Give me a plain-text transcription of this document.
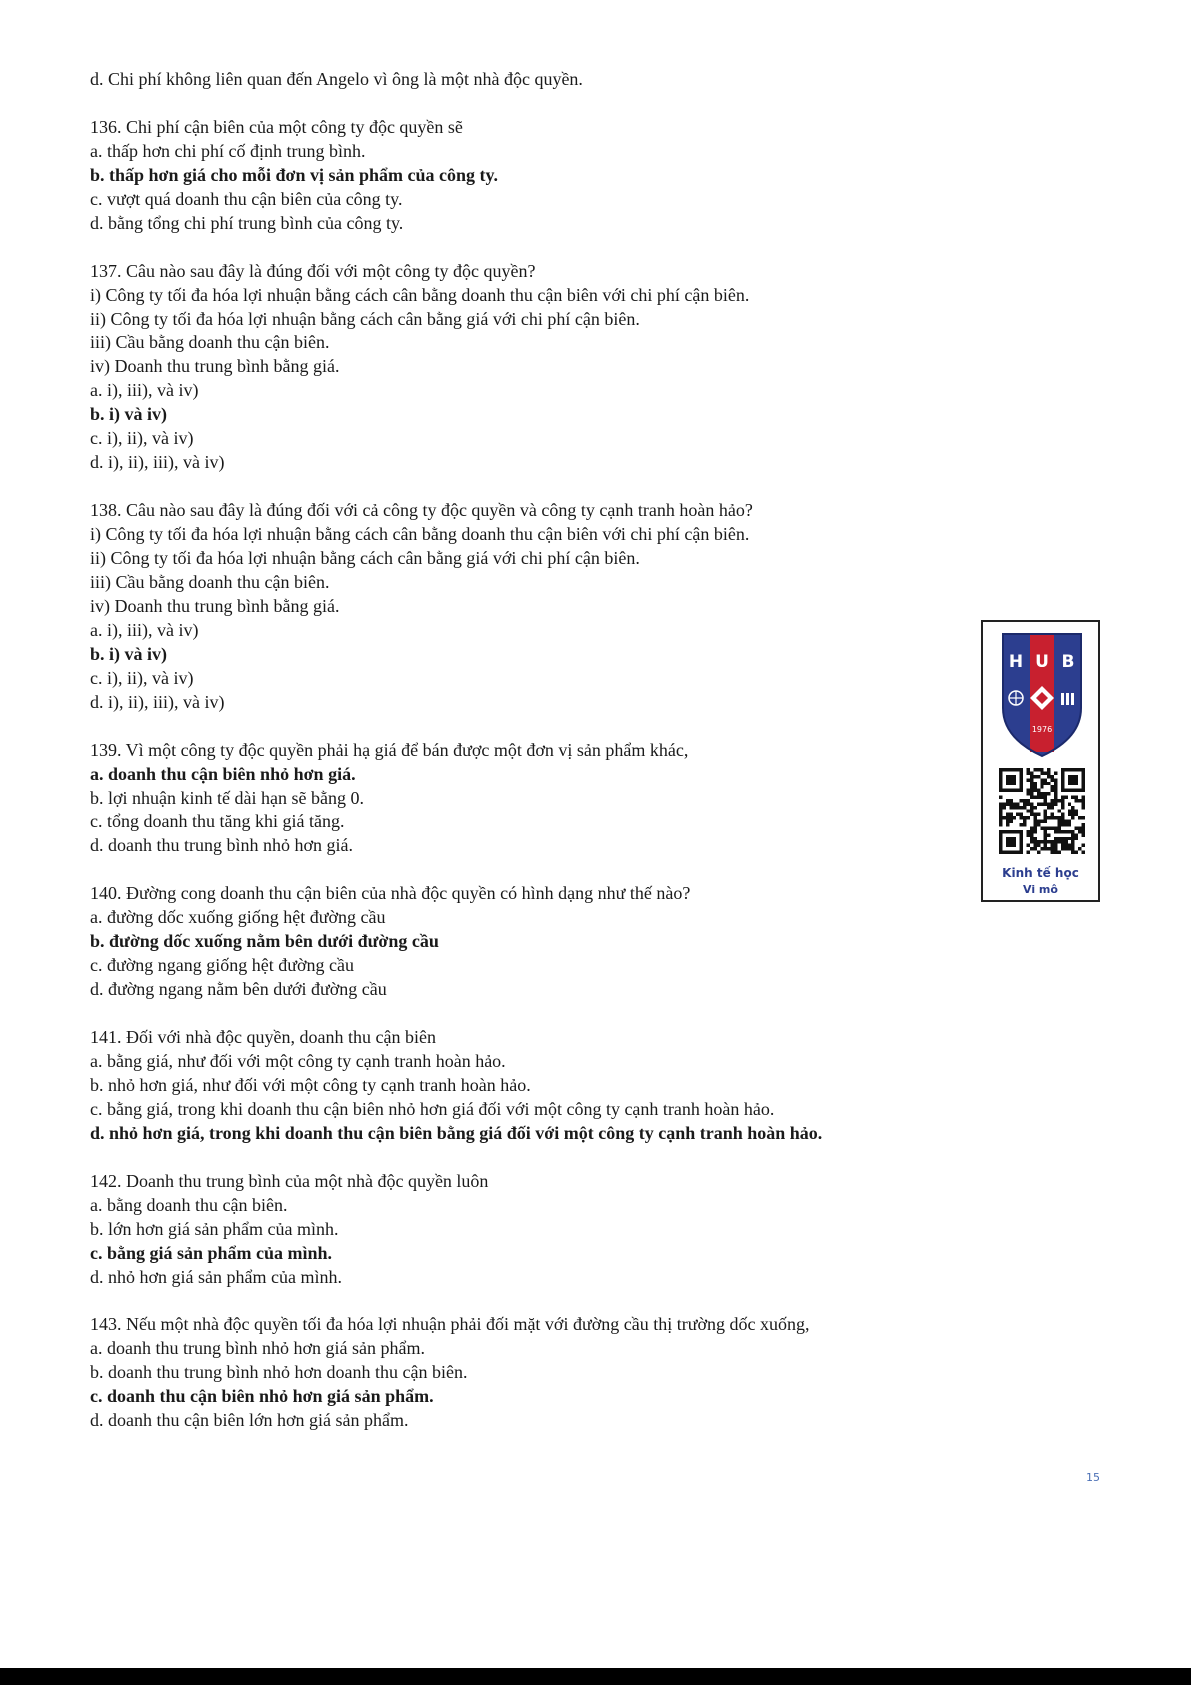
d. Chi phí không liên quan đến Angelo vì ông là một nhà độc quyền.
136. Chi phí cận biên của một công ty độc quyền sẽ
a. thấp hơn chi phí cố định trung bình.
b. thấp hơn giá cho mỗi đơn vị sản phẩm của công ty.
c. vượt quá doanh thu cận biên của công ty.
d. bằng tổng chi phí trung bình của công ty.
137. Câu nào sau đây là đúng đối với một công ty độc quyền?
i) Công ty tối đa hóa lợi nhuận bằng cách cân bằng doanh thu cận biên với chi phí cận biên.
ii) Công ty tối đa hóa lợi nhuận bằng cách cân bằng giá với chi phí cận biên.
iii) Cầu bằng doanh thu cận biên.
iv) Doanh thu trung bình bằng giá.
a. i), iii), và iv)
b. i) và iv)
c. i), ii), và iv)
d. i), ii), iii), và iv)
138. Câu nào sau đây là đúng đối với cả công ty độc quyền và công ty cạnh tranh hoàn hảo?
i) Công ty tối đa hóa lợi nhuận bằng cách cân bằng doanh thu cận biên với chi phí cận biên.
ii) Công ty tối đa hóa lợi nhuận bằng cách cân bằng giá với chi phí cận biên.
iii) Cầu bằng doanh thu cận biên.
iv) Doanh thu trung bình bằng giá.
a. i), iii), và iv)
b. i) và iv)
c. i), ii), và iv)
d. i), ii), iii), và iv)
139. Vì một công ty độc quyền phải hạ giá để bán được một đơn vị sản phẩm khác,
a. doanh thu cận biên nhỏ hơn giá.
b. lợi nhuận kinh tế dài hạn sẽ bằng 0.
c. tổng doanh thu tăng khi giá tăng.
d. doanh thu trung bình nhỏ hơn giá.
140. Đường cong doanh thu cận biên của nhà độc quyền có hình dạng như thế nào?
a. đường dốc xuống giống hệt đường cầu
b. đường dốc xuống nằm bên dưới đường cầu
c. đường ngang giống hệt đường cầu
d. đường ngang nằm bên dưới đường cầu
141. Đối với nhà độc quyền, doanh thu cận biên
a. bằng giá, như đối với một công ty cạnh tranh hoàn hảo.
b. nhỏ hơn giá, như đối với một công ty cạnh tranh hoàn hảo.
c. bằng giá, trong khi doanh thu cận biên nhỏ hơn giá đối với một công ty cạnh tranh hoàn hảo.
d. nhỏ hơn giá, trong khi doanh thu cận biên bằng giá đối với một công ty cạnh tranh hoàn hảo.
142. Doanh thu trung bình của một nhà độc quyền luôn
a. bằng doanh thu cận biên.
b. lớn hơn giá sản phẩm của mình.
c. bằng giá sản phẩm của mình.
d. nhỏ hơn giá sản phẩm của mình.
143. Nếu một nhà độc quyền tối đa hóa lợi nhuận phải đối mặt với đường cầu thị trường dốc xuống,
a. doanh thu trung bình nhỏ hơn giá sản phẩm.
b. doanh thu trung bình nhỏ hơn doanh thu cận biên.
c. doanh thu cận biên nhỏ hơn giá sản phẩm.
d. doanh thu cận biên lớn hơn giá sản phẩm.
H U B
1976
Kinh tế học
Vi mô
15
